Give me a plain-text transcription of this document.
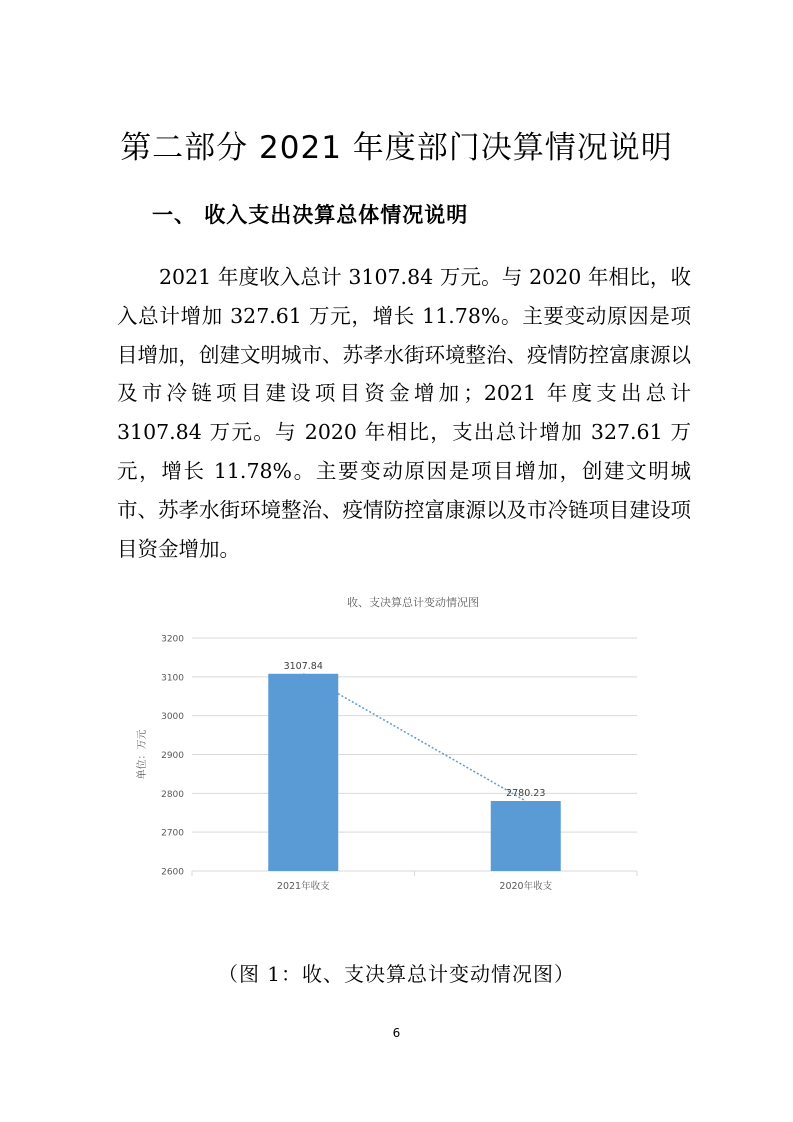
第二部分 2021 年度部门决算情况说明
一、 收入支出决算总体情况说明

2021 年度收入总计 3107.84 万元。与 2020 年相比，收入总计增加 327.61 万元，增长 11.78%。主要变动原因是项目增加，创建文明城市、苏孝水街环境整治、疫情防控富康源以及市冷链项目建设项目资金增加；2021 年度支出总计 3107.84 万元。与 2020 年相比，支出总计增加 327.61 万元，增长 11.78%。主要变动原因是项目增加，创建文明城市、苏孝水街环境整治、疫情防控富康源以及市冷链项目建设项目资金增加。

收、支决算总计变动情况图
单位：万元
2600
2700
2800
2900
3000
3100
3200
3107.84
2021年收支
2780.23
2020年收支
（图 1：收、支决算总计变动情况图）
6
